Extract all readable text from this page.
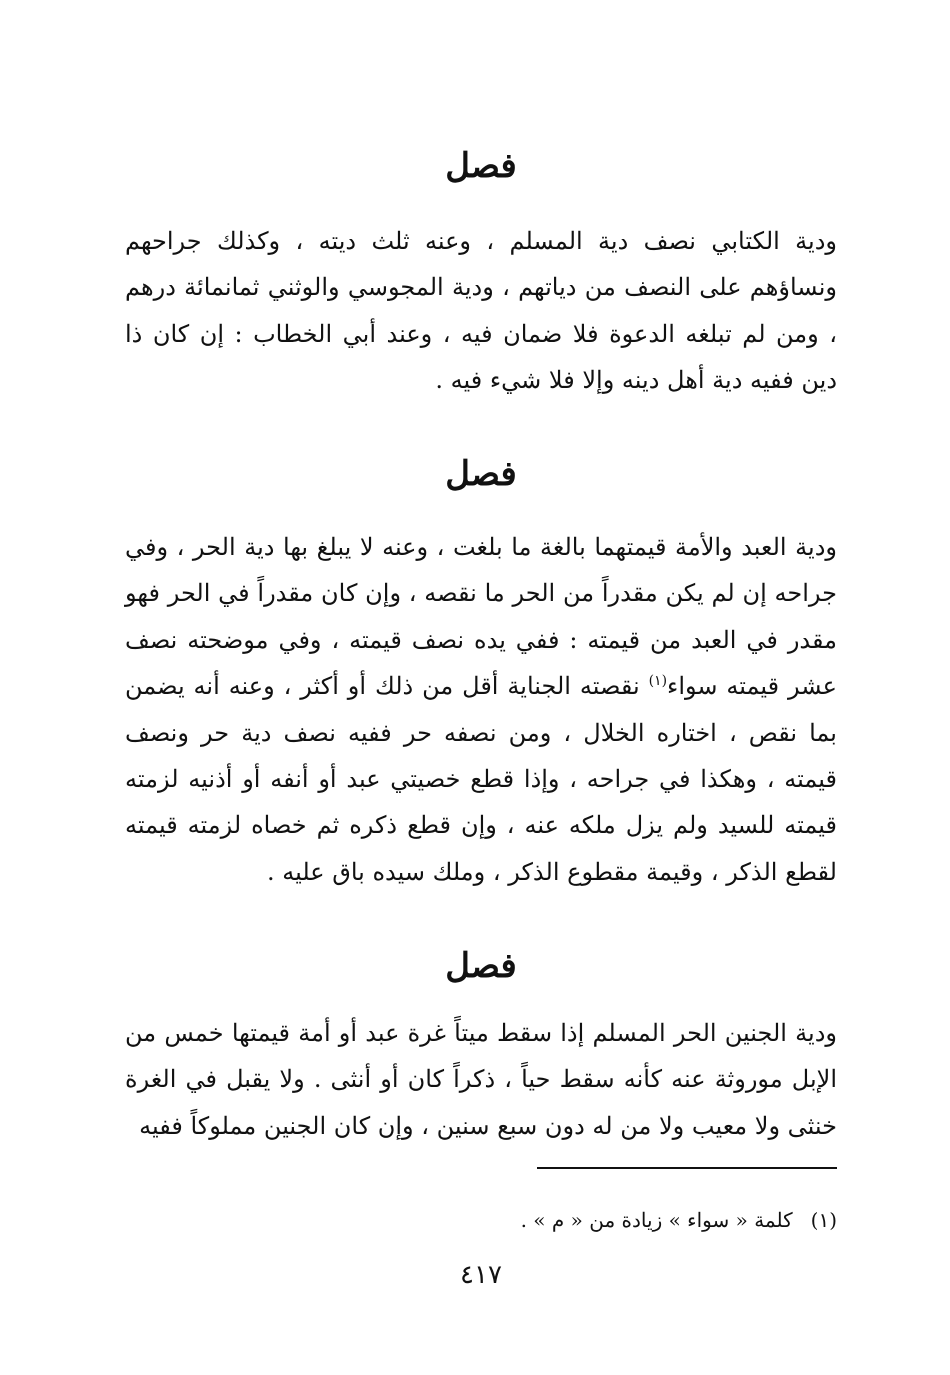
فصل

ودية الكتابي نصف دية المسلم ، وعنه ثلث ديته ، وكذلك جراحهم ونساؤهم على النصف من دياتهم ، ودية المجوسي والوثني ثمانمائة درهم ، ومن لم تبلغه الدعوة فلا ضمان فيه ، وعند أبي الخطاب : إن كان ذا دين ففيه دية أهل دينه وإلا فلا شيء فيه .

فصل

ودية العبد والأمة قيمتهما بالغة ما بلغت ، وعنه لا يبلغ بها دية الحر ، وفي جراحه إن لم يكن مقدراً من الحر ما نقصه ، وإن كان مقدراً في الحر فهو مقدر في العبد من قيمته : ففي يده نصف قيمته ، وفي موضحته نصف عشر قيمته سواء$^{(١)}$ نقصته الجناية أقل من ذلك أو أكثر ، وعنه أنه يضمن بما نقص ، اختاره الخلال ، ومن نصفه حر ففيه نصف دية حر ونصف قيمته ، وهكذا في جراحه ، وإذا قطع خصيتي عبد أو أنفه أو أذنيه لزمته قيمته للسيد ولم يزل ملكه عنه ، وإن قطع ذكره ثم خصاه لزمته قيمته لقطع الذكر ، وقيمة مقطوع الذكر ، وملك سيده باق عليه .

فصل

ودية الجنين الحر المسلم إذا سقط ميتاً غرة عبد أو أمة قيمتها خمس من الإبل موروثة عنه كأنه سقط حياً ، ذكراً كان أو أنثى . ولا يقبل في الغرة خنثى ولا معيب ولا من له دون سبع سنين ، وإن كان الجنين مملوكاً ففيه

(١)كلمة « سواء » زيادة من « م » .
٤١٧
